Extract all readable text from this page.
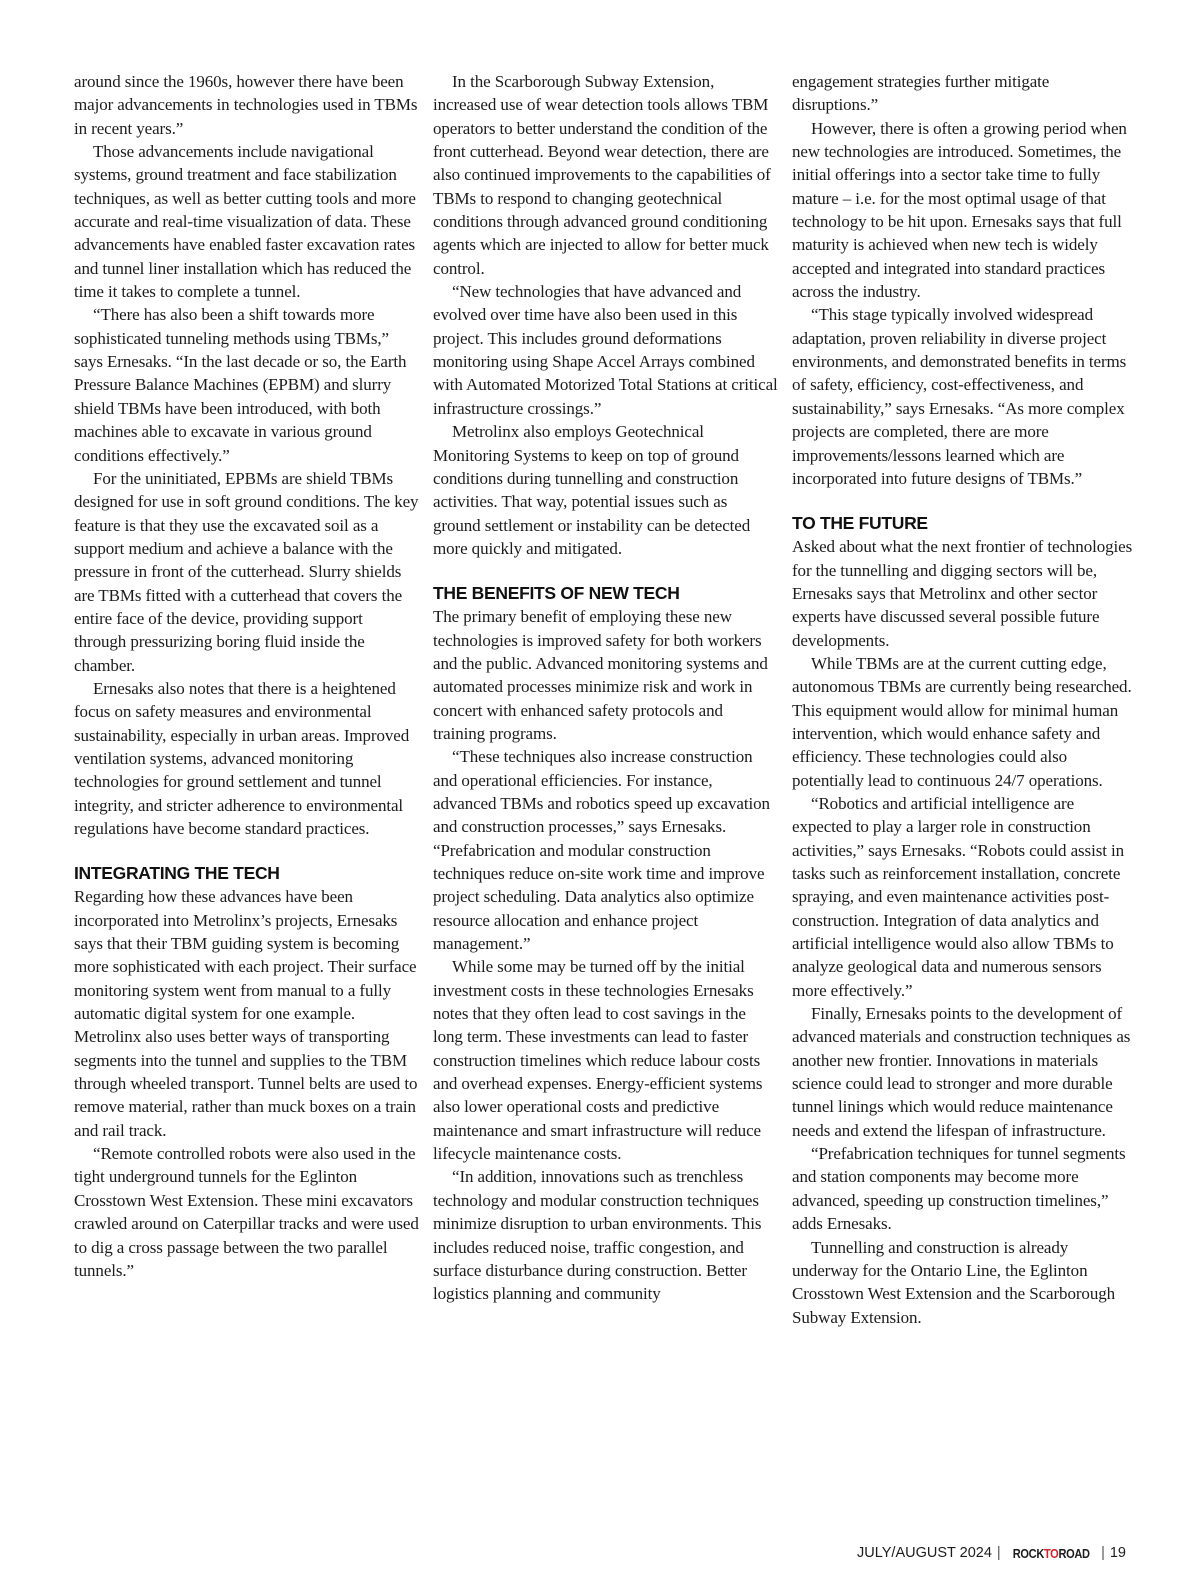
around since the 1960s, however there have been major advancements in technologies used in TBMs in recent years.”

Those advancements include navigational systems, ground treatment and face stabilization techniques, as well as better cutting tools and more accurate and real-time visualization of data. These advancements have enabled faster excavation rates and tunnel liner installation which has reduced the time it takes to complete a tunnel.

“There has also been a shift towards more sophisticated tunneling methods using TBMs,” says Ernesaks. “In the last decade or so, the Earth Pressure Balance Machines (EPBM) and slurry shield TBMs have been introduced, with both machines able to excavate in various ground conditions effectively.”

For the uninitiated, EPBMs are shield TBMs designed for use in soft ground conditions. The key feature is that they use the excavated soil as a support medium and achieve a balance with the pressure in front of the cutterhead. Slurry shields are TBMs fitted with a cutterhead that covers the entire face of the device, providing support through pressurizing boring fluid inside the chamber.

Ernesaks also notes that there is a heightened focus on safety measures and environmental sustainability, especially in urban areas. Improved ventilation systems, advanced monitoring technologies for ground settlement and tunnel integrity, and stricter adherence to environmental regulations have become standard practices.

INTEGRATING THE TECH

Regarding how these advances have been incorporated into Metrolinx’s projects, Ernesaks says that their TBM guiding system is becoming more sophisticated with each project. Their surface monitoring system went from manual to a fully automatic digital system for one example. Metrolinx also uses better ways of transporting segments into the tunnel and supplies to the TBM through wheeled transport. Tunnel belts are used to remove material, rather than muck boxes on a train and rail track.

“Remote controlled robots were also used in the tight underground tunnels for the Eglinton Crosstown West Extension. These mini excavators crawled around on Caterpillar tracks and were used to dig a cross passage between the two parallel tunnels.”

In the Scarborough Subway Extension, increased use of wear detection tools allows TBM operators to better understand the condition of the front cutterhead. Beyond wear detection, there are also continued improvements to the capabilities of TBMs to respond to changing geotechnical conditions through advanced ground conditioning agents which are injected to allow for better muck control.

“New technologies that have advanced and evolved over time have also been used in this project. This includes ground deformations monitoring using Shape Accel Arrays combined with Automated Motorized Total Stations at critical infrastructure crossings.”

Metrolinx also employs Geotechnical Monitoring Systems to keep on top of ground conditions during tunnelling and construction activities. That way, potential issues such as ground settlement or instability can be detected more quickly and mitigated.

THE BENEFITS OF NEW TECH

The primary benefit of employing these new technologies is improved safety for both workers and the public. Advanced monitoring systems and automated processes minimize risk and work in concert with enhanced safety protocols and training programs.

“These techniques also increase construction and operational efficiencies. For instance, advanced TBMs and robotics speed up excavation and construction processes,” says Ernesaks. “Prefabrication and modular construction techniques reduce on-site work time and improve project scheduling. Data analytics also optimize resource allocation and enhance project management.”

While some may be turned off by the initial investment costs in these technologies Ernesaks notes that they often lead to cost savings in the long term. These investments can lead to faster construction timelines which reduce labour costs and overhead expenses. Energy-efficient systems also lower operational costs and predictive maintenance and smart infrastructure will reduce lifecycle maintenance costs.

“In addition, innovations such as trenchless technology and modular construction techniques minimize disruption to urban environments. This includes reduced noise, traffic congestion, and surface disturbance during construction. Better logistics planning and community

engagement strategies further mitigate disruptions.”

However, there is often a growing period when new technologies are introduced. Sometimes, the initial offerings into a sector take time to fully mature – i.e. for the most optimal usage of that technology to be hit upon. Ernesaks says that full maturity is achieved when new tech is widely accepted and integrated into standard practices across the industry.

“This stage typically involved widespread adaptation, proven reliability in diverse project environments, and demonstrated benefits in terms of safety, efficiency, cost-effectiveness, and sustainability,” says Ernesaks. “As more complex projects are completed, there are more improvements/lessons learned which are incorporated into future designs of TBMs.”

TO THE FUTURE

Asked about what the next frontier of technologies for the tunnelling and digging sectors will be, Ernesaks says that Metrolinx and other sector experts have discussed several possible future developments.

While TBMs are at the current cutting edge, autonomous TBMs are currently being researched. This equipment would allow for minimal human intervention, which would enhance safety and efficiency. These technologies could also potentially lead to continuous 24/7 operations.

“Robotics and artificial intelligence are expected to play a larger role in construction activities,” says Ernesaks. “Robots could assist in tasks such as reinforcement installation, concrete spraying, and even maintenance activities post-construction. Integration of data analytics and artificial intelligence would also allow TBMs to analyze geological data and numerous sensors more effectively.”

Finally, Ernesaks points to the development of advanced materials and construction techniques as another new frontier. Innovations in materials science could lead to stronger and more durable tunnel linings which would reduce maintenance needs and extend the lifespan of infrastructure.

“Prefabrication techniques for tunnel segments and station components may become more advanced, speeding up construction timelines,” adds Ernesaks.

Tunnelling and construction is already underway for the Ontario Line, the Eglinton Crosstown West Extension and the Scarborough Subway Extension.

JULY/AUGUST 2024 | ROCKTOROAD | 19
